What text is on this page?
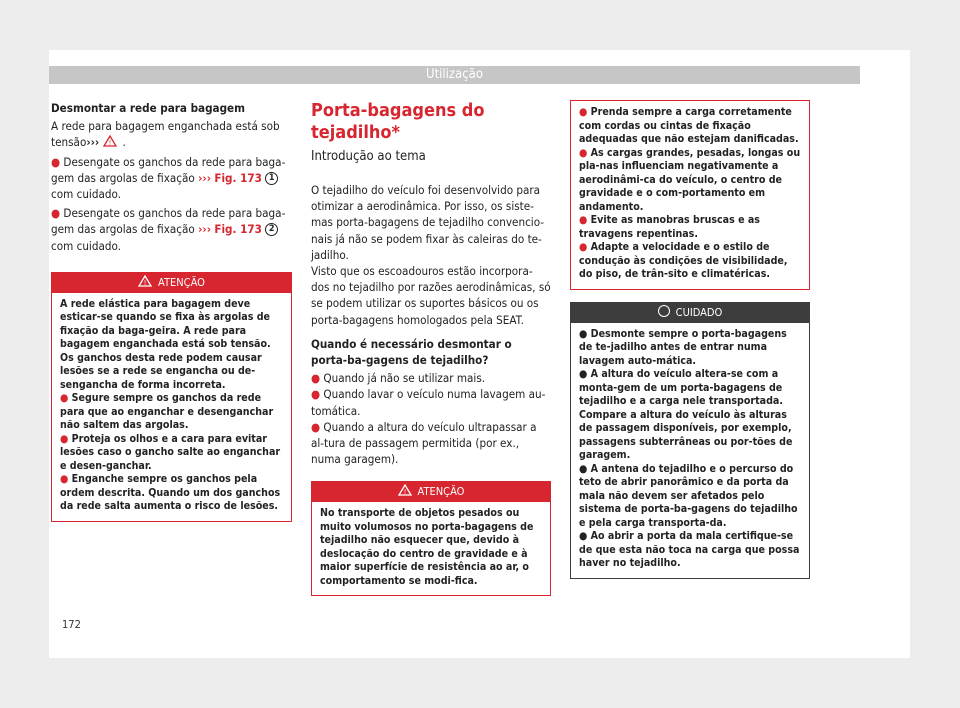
Utilização

Desmontar a rede para bagagem

A rede para bagagem enganchada está sob tensão››› ! .

● Desengate os ganchos da rede para baga-
gem das argolas de fixação ››› Fig. 173 1
com cuidado.

● Desengate os ganchos da rede para baga-
gem das argolas de fixação ››› Fig. 173 2
com cuidado.

! ATENÇÃO

A rede elástica para bagagem deve esticar-se quando se fixa às argolas de fixação da baga-geira. A rede para bagagem enganchada está sob tensão. Os ganchos desta rede podem causar lesões se a rede se engancha ou de-sengancha de forma incorreta.

● Segure sempre os ganchos da rede para que ao enganchar e desenganchar não saltem das argolas.

● Proteja os olhos e a cara para evitar lesões caso o gancho salte ao enganchar e desen-ganchar.

● Enganche sempre os ganchos pela ordem descrita. Quando um dos ganchos da rede salta aumenta o risco de lesões.

Porta-bagagens do tejadilho*
Introdução ao tema

O tejadilho do veículo foi desenvolvido para otimizar a aerodinâmica. Por isso, os siste-mas porta-bagagens de tejadilho convencio-nais já não se podem fixar às caleiras do te-jadilho.

Visto que os escoadouros estão incorpora-dos no tejadilho por razões aerodinâmicas, só se podem utilizar os suportes básicos ou os porta-bagagens homologados pela SEAT.

Quando é necessário desmontar o porta-ba-gagens de tejadilho?

● Quando já não se utilizar mais.

● Quando lavar o veículo numa lavagem au-tomática.

● Quando a altura do veículo ultrapassar a al-tura de passagem permitida (por ex., numa garagem).

! ATENÇÃO
No transporte de objetos pesados ou muito volumosos no porta-bagagens de tejadilho não esquecer que, devido à deslocação do centro de gravidade e à maior superfície de resistência ao ar, o comportamento se modi-fica.

● Prenda sempre a carga corretamente com cordas ou cintas de fixação adequadas que não estejam danificadas.

● As cargas grandes, pesadas, longas ou pla-nas influenciam negativamente a aerodinâmi-ca do veículo, o centro de gravidade e o com-portamento em andamento.

● Evite as manobras bruscas e as travagens repentinas.

● Adapte a velocidade e o estilo de condução às condições de visibilidade, do piso, de trân-sito e climatéricas.

CUIDADO

● Desmonte sempre o porta-bagagens de te-jadilho antes de entrar numa lavagem auto-mática.

● A altura do veículo altera-se com a monta-gem de um porta-bagagens de tejadilho e a carga nele transportada. Compare a altura do veículo às alturas de passagem disponíveis, por exemplo, passagens subterrâneas ou por-tões de garagem.

● A antena do tejadilho e o percurso do teto de abrir panorâmico e da porta da mala não devem ser afetados pelo sistema de porta-ba-gagens do tejadilho e pela carga transporta-da.

● Ao abrir a porta da mala certifique-se de que esta não toca na carga que possa haver no tejadilho.

172
